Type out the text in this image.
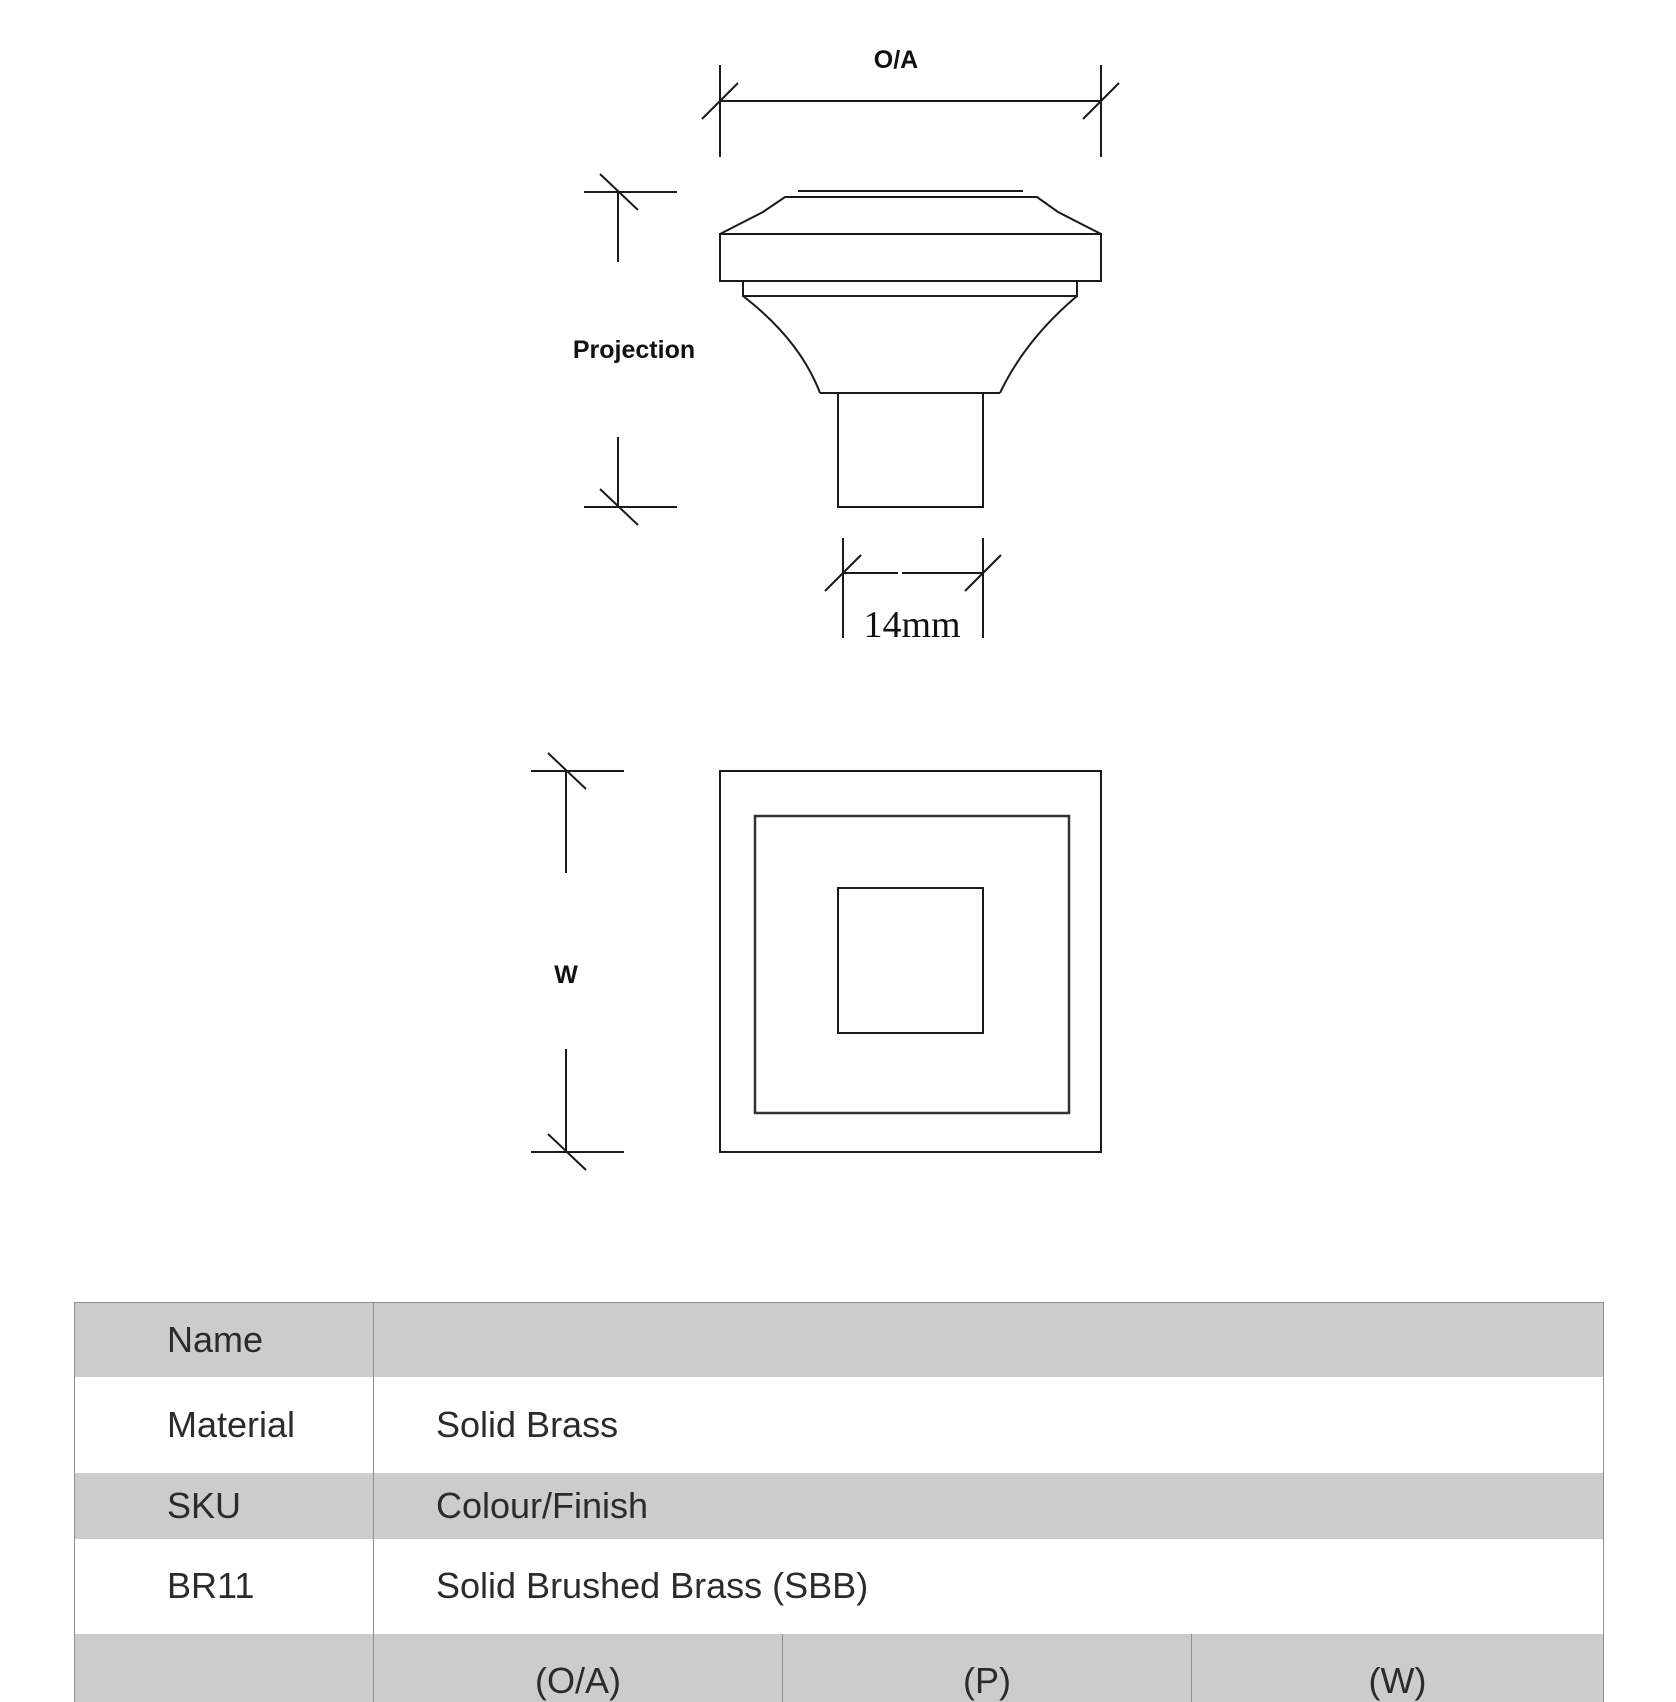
O/A
Projection
14mm
W
Name			
Material	Solid Brass		
SKU	Colour/Finish		
BR11	Solid Brushed Brass (SBB)		
	(O/A)	(P)	(W)
